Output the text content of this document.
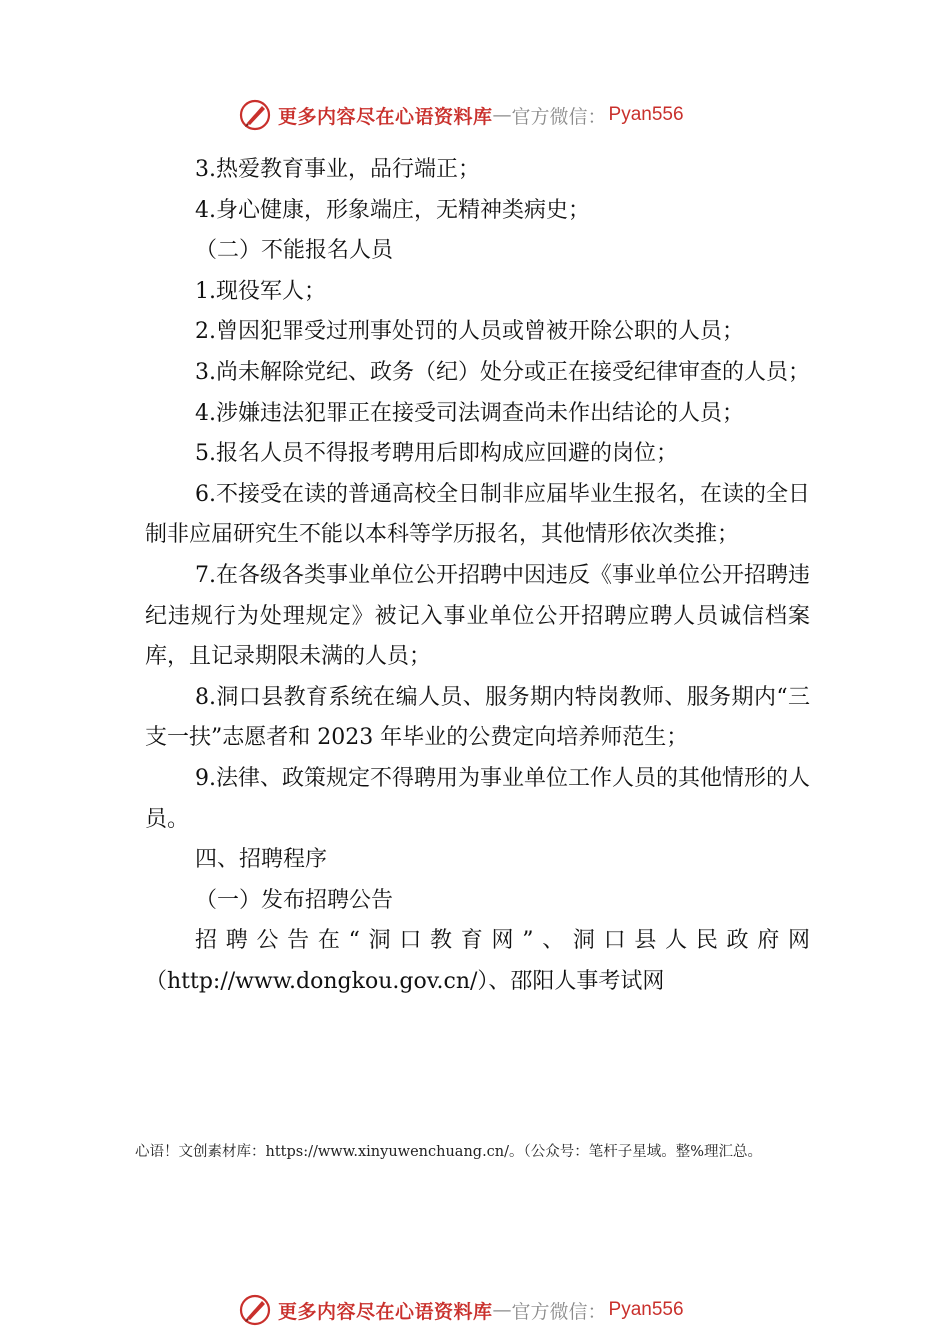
更多内容尽在心语资料库 — 官方微信： Pyan556

3.热爱教育事业，品行端正；

4.身心健康，形象端庄，无精神类病史；

（二）不能报名人员

1.现役军人；

2.曾因犯罪受过刑事处罚的人员或曾被开除公职的人员；

3.尚未解除党纪、政务（纪）处分或正在接受纪律审查的人员；

4.涉嫌违法犯罪正在接受司法调查尚未作出结论的人员；

5.报名人员不得报考聘用后即构成应回避的岗位；

6.不接受在读的普通高校全日制非应届毕业生报名，在读的全日制非应届研究生不能以本科等学历报名，其他情形依次类推；

7.在各级各类事业单位公开招聘中因违反《事业单位公开招聘违纪违规行为处理规定》被记入事业单位公开招聘应聘人员诚信档案库，且记录期限未满的人员；

8.洞口县教育系统在编人员、服务期内特岗教师、服务期内“三支一扶”志愿者和 2023 年毕业的公费定向培养师范生；

9.法律、政策规定不得聘用为事业单位工作人员的其他情形的人员。

四、招聘程序

（一）发布招聘公告

招聘公告在“洞口教育网”、洞口县人民政府网（http://www.dongkou.gov.cn/）、邵阳人事考试网

心语！文创素材库：https://www.xinyuwenchuang.cn/。（公众号：笔杆子星域。整%理汇总。
更多内容尽在心语资料库 — 官方微信： Pyan556
